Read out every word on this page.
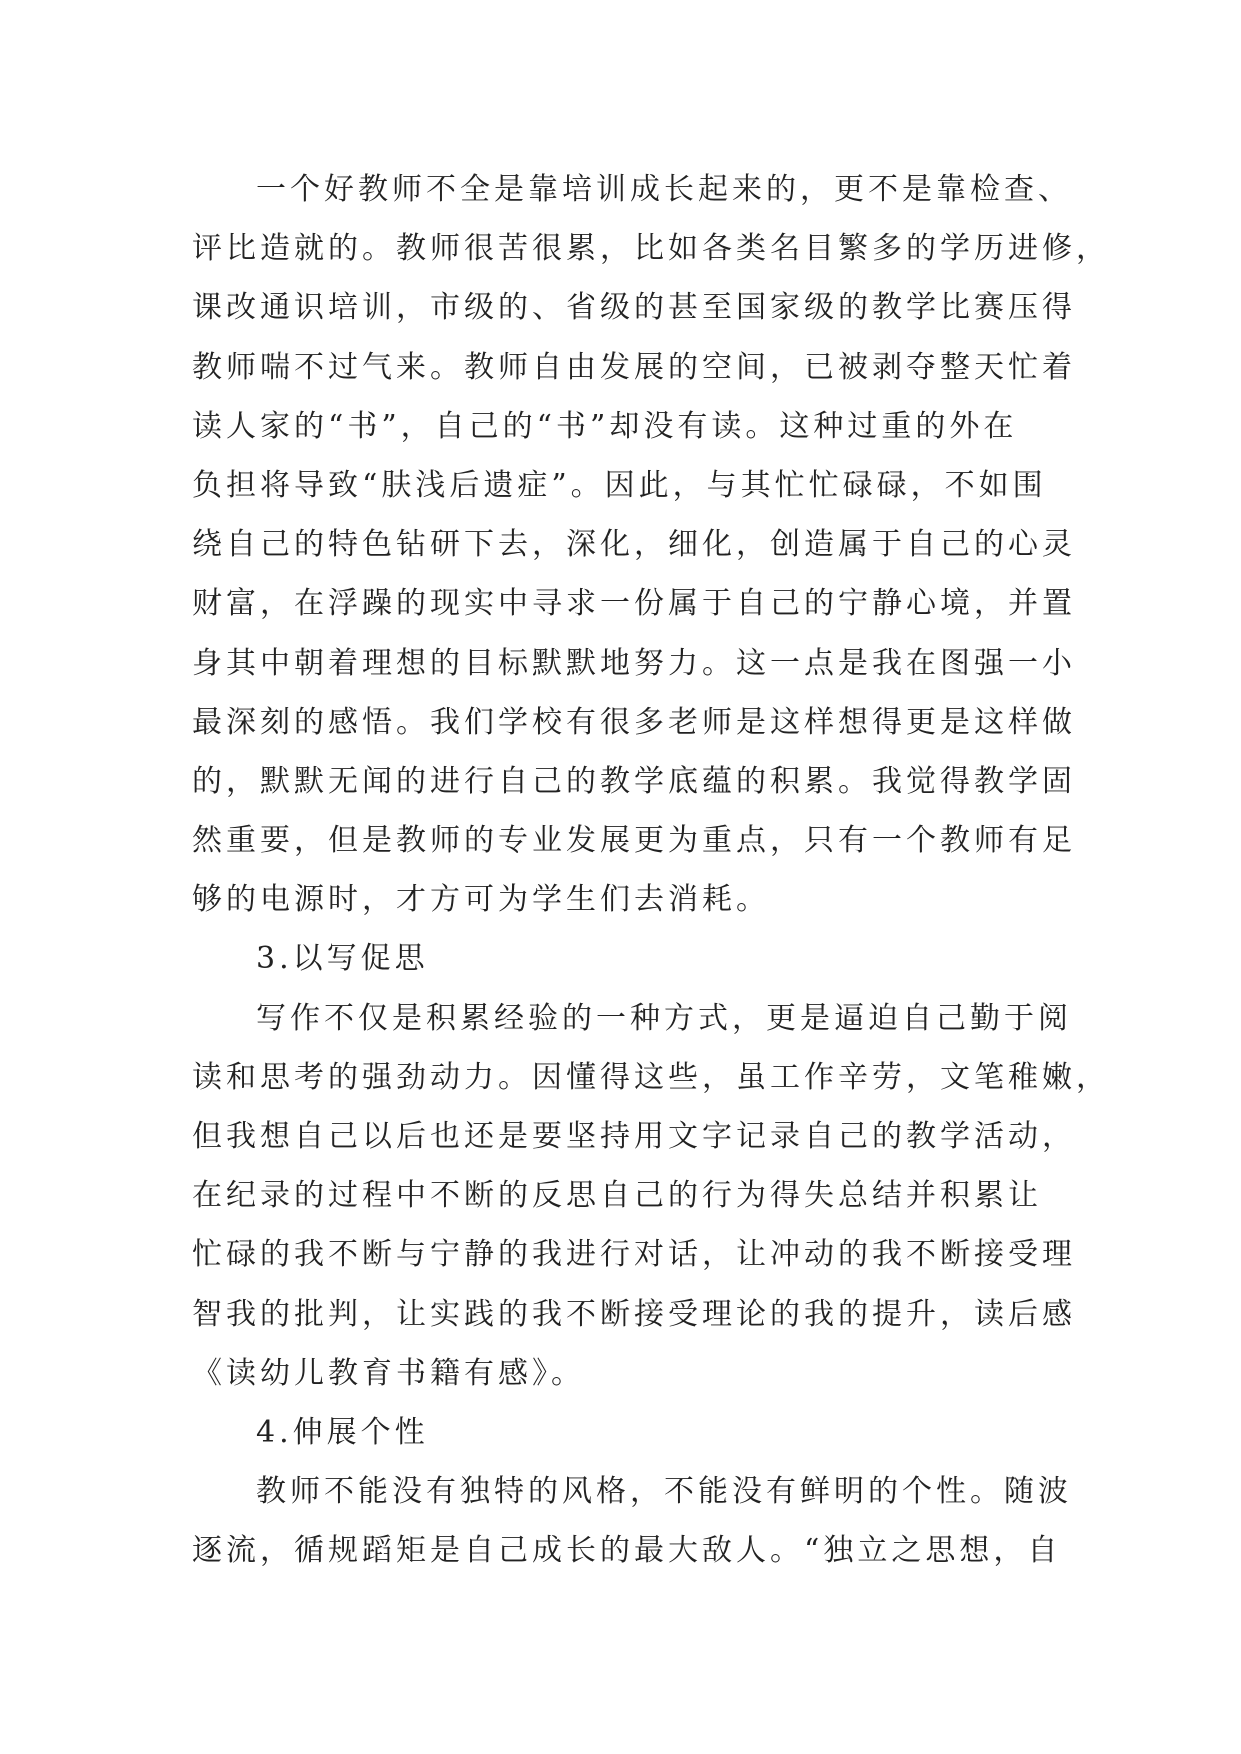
一个好教师不全是靠培训成长起来的，更不是靠检查、
评比造就的。教师很苦很累，比如各类名目繁多的学历进修，
课改通识培训，市级的、省级的甚至国家级的教学比赛压得
教师喘不过气来。教师自由发展的空间，已被剥夺整天忙着
读人家的“书”，自己的“书”却没有读。这种过重的外在
负担将导致“肤浅后遗症”。因此，与其忙忙碌碌，不如围
绕自己的特色钻研下去，深化，细化，创造属于自己的心灵
财富，在浮躁的现实中寻求一份属于自己的宁静心境，并置
身其中朝着理想的目标默默地努力。这一点是我在图强一小
最深刻的感悟。我们学校有很多老师是这样想得更是这样做
的，默默无闻的进行自己的教学底蕴的积累。我觉得教学固
然重要，但是教师的专业发展更为重点，只有一个教师有足
够的电源时，才方可为学生们去消耗。
3.以写促思
写作不仅是积累经验的一种方式，更是逼迫自己勤于阅
读和思考的强劲动力。因懂得这些，虽工作辛劳，文笔稚嫩，
但我想自己以后也还是要坚持用文字记录自己的教学活动，
在纪录的过程中不断的反思自己的行为得失总结并积累让
忙碌的我不断与宁静的我进行对话，让冲动的我不断接受理
智我的批判，让实践的我不断接受理论的我的提升，读后感
《读幼儿教育书籍有感》。
4.伸展个性
教师不能没有独特的风格，不能没有鲜明的个性。随波
逐流，循规蹈矩是自己成长的最大敌人。“独立之思想，自
